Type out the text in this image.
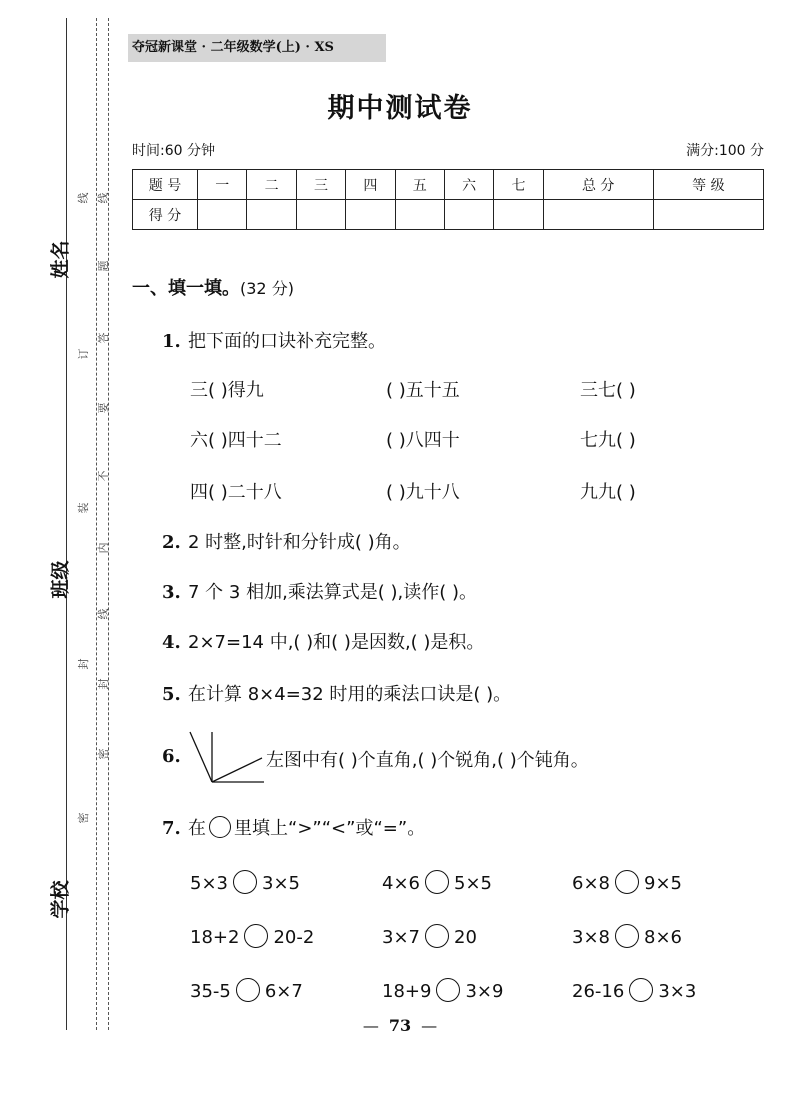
姓名
班级
学校
线
题
答
要
不
内
线
封
密
线
订
装
封
密
夺冠新课堂 · 二年级数学(上) · XS
期中测试卷
时间:60 分钟	满分:100 分
题 号	一	二	三	四	五	六	七	总 分	等 级
得 分									
一、填一填。(32 分)
1. 把下面的口诀补充完整。
三( )得九	( )五十五	三七( )
六( )四十二	( )八四十	七九( )
四( )二十八	( )九十八	九九( )
2. 2 时整,时针和分针成( )角。
3. 7 个 3 相加,乘法算式是( ),读作( )。
4. 2×7=14 中,( )和( )是因数,( )是积。
5. 在计算 8×4=32 时用的乘法口诀是( )。
6.	左图中有( )个直角,( )个锐角,( )个钝角。
7. 在 里填上“>”“<”或“=”。
5×3 3×5	4×6 5×5	6×8 9×5
18+2 20-2	3×7 20	3×8 8×6
35-5 6×7	18+9 3×9	26-16 3×3
— 73 —
